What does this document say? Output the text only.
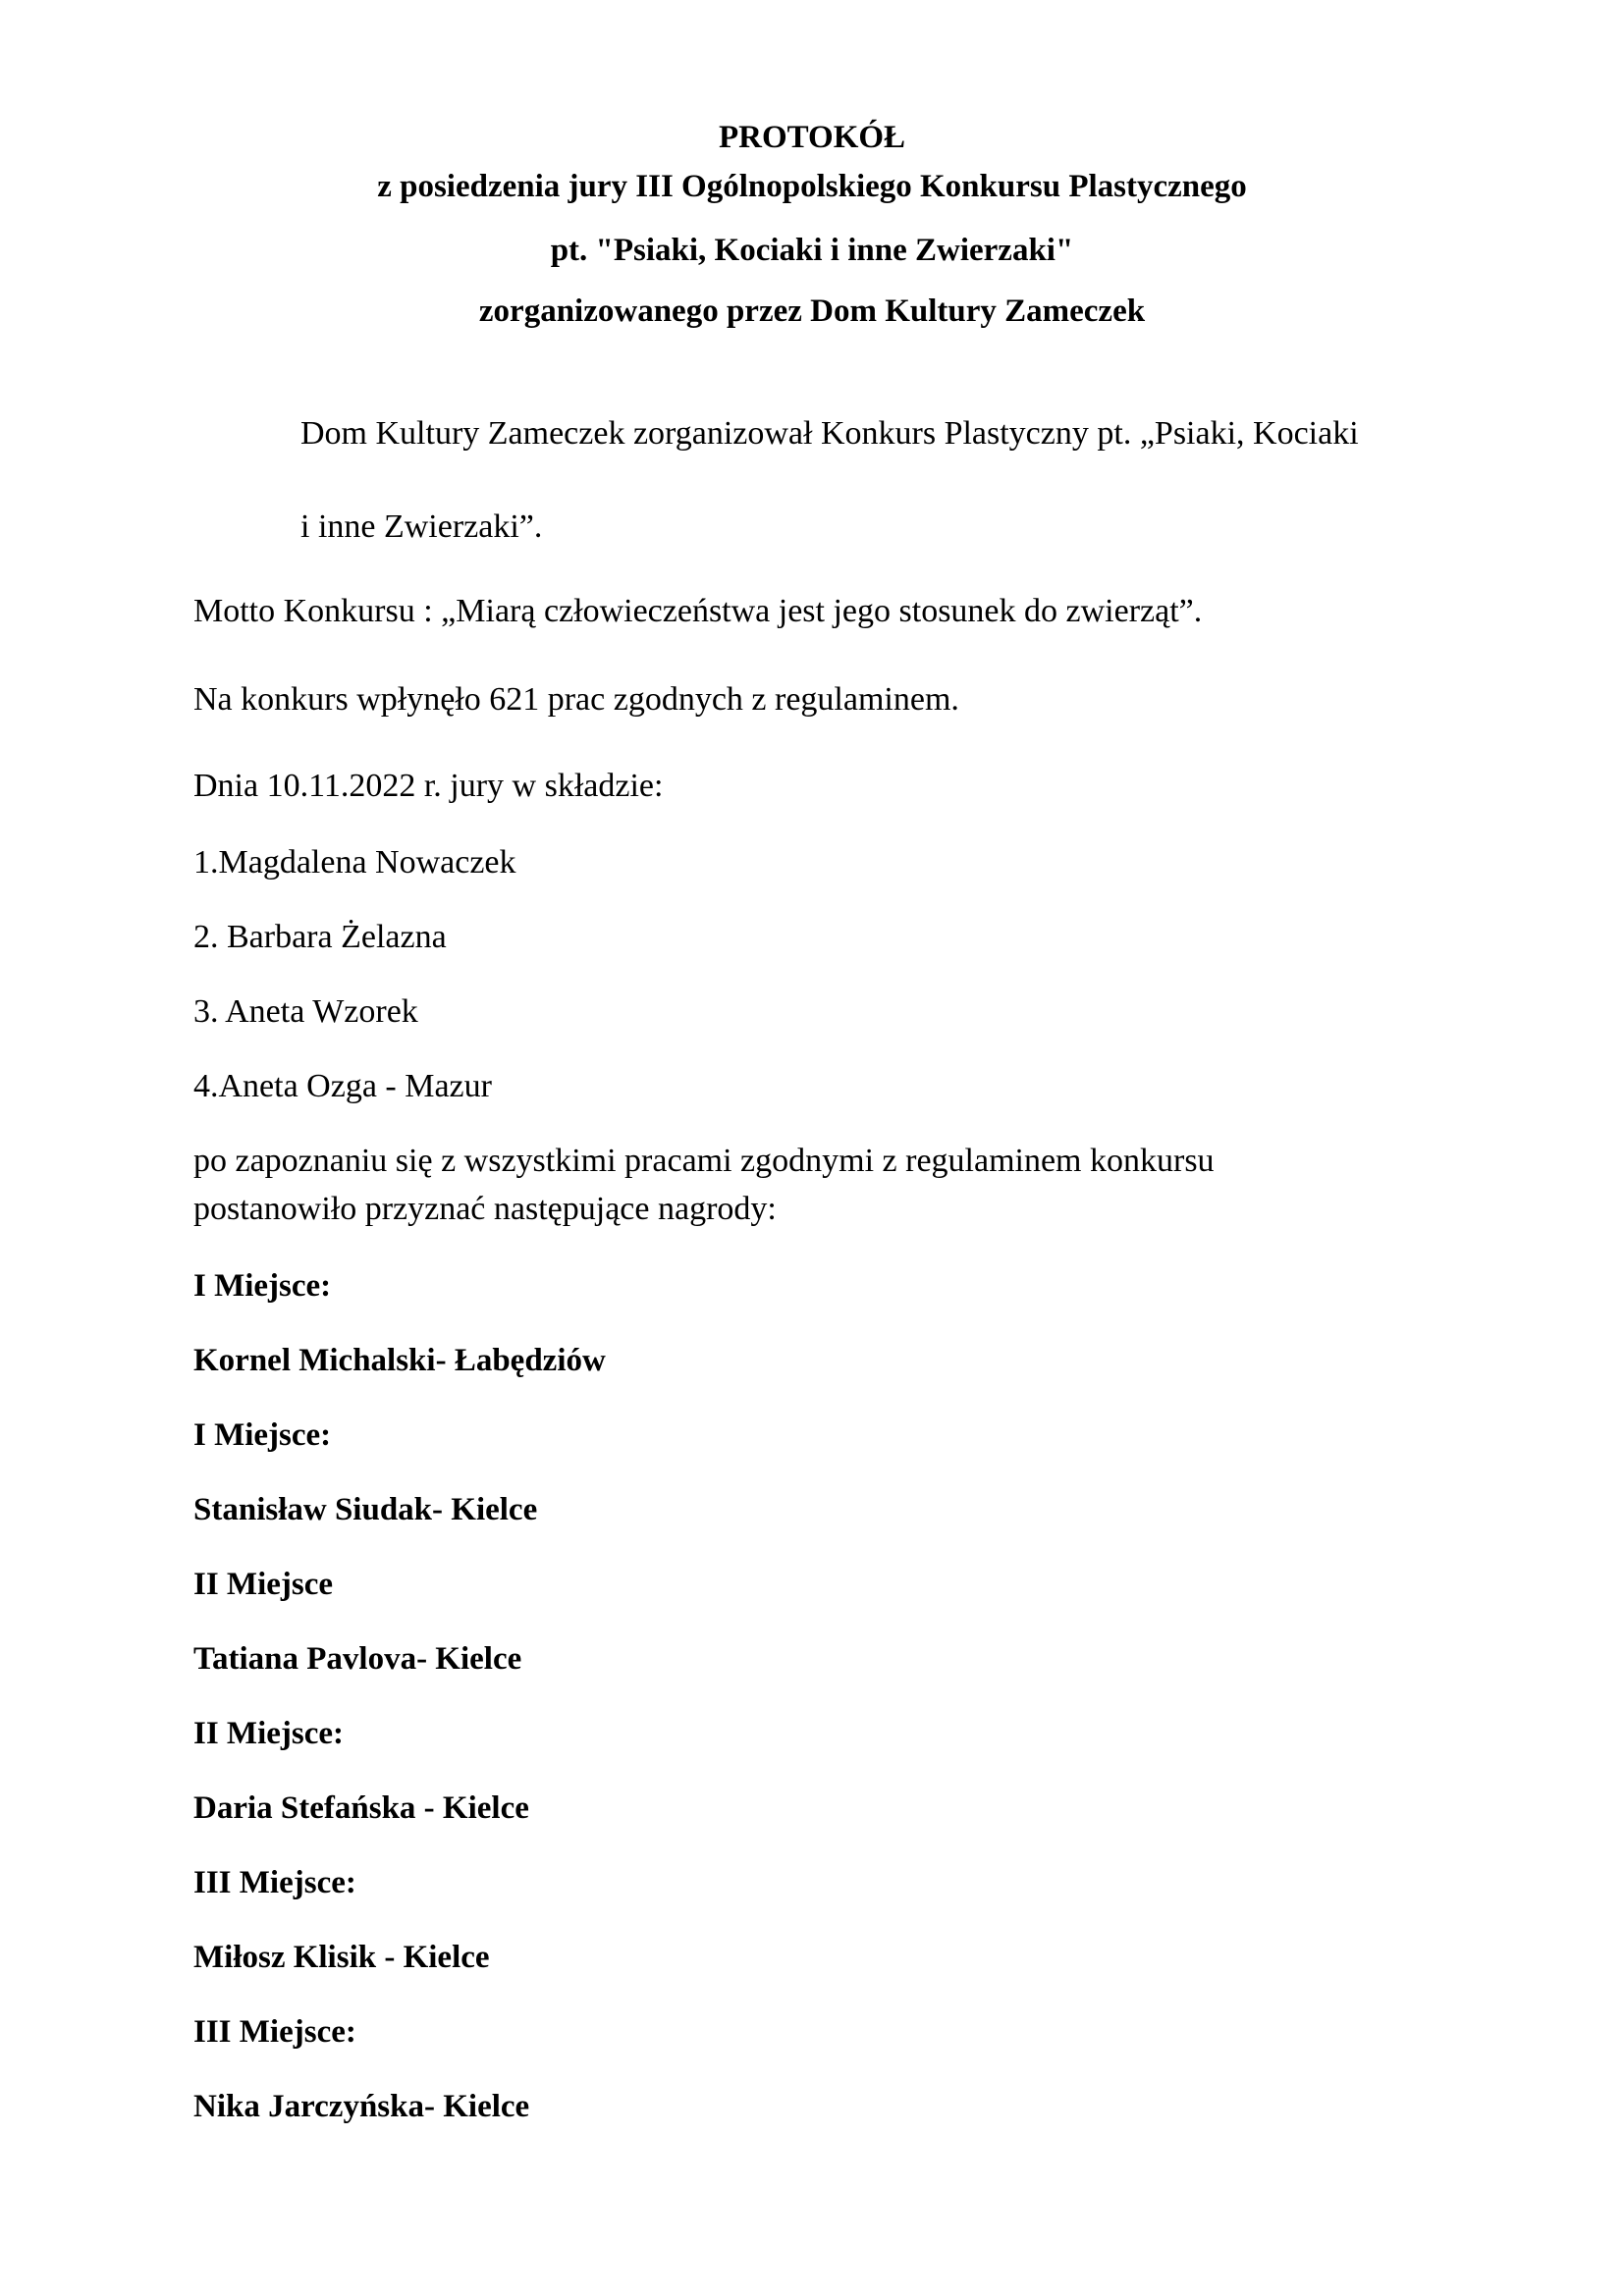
PROTOKÓŁ
z posiedzenia jury III Ogólnopolskiego Konkursu Plastycznego
pt. "Psiaki, Kociaki i inne Zwierzaki"
zorganizowanego przez Dom Kultury Zameczek
Dom Kultury Zameczek zorganizował Konkurs Plastyczny pt. „Psiaki, Kociaki
i inne Zwierzaki”.
Motto Konkursu : „Miarą człowieczeństwa jest jego stosunek do zwierząt”.
Na konkurs wpłynęło 621 prac zgodnych z regulaminem.
Dnia 10.11.2022 r. jury w składzie:
1.Magdalena Nowaczek
2. Barbara Żelazna
3. Aneta Wzorek
4.Aneta Ozga - Mazur
po zapoznaniu się z wszystkimi pracami zgodnymi z regulaminem konkursu
postanowiło przyznać następujące nagrody:
I Miejsce:
Kornel Michalski- Łabędziów
I Miejsce:
Stanisław Siudak- Kielce
II Miejsce
Tatiana Pavlova- Kielce
II Miejsce:
Daria Stefańska - Kielce
III Miejsce:
Miłosz Klisik - Kielce
III Miejsce:
Nika Jarczyńska- Kielce
